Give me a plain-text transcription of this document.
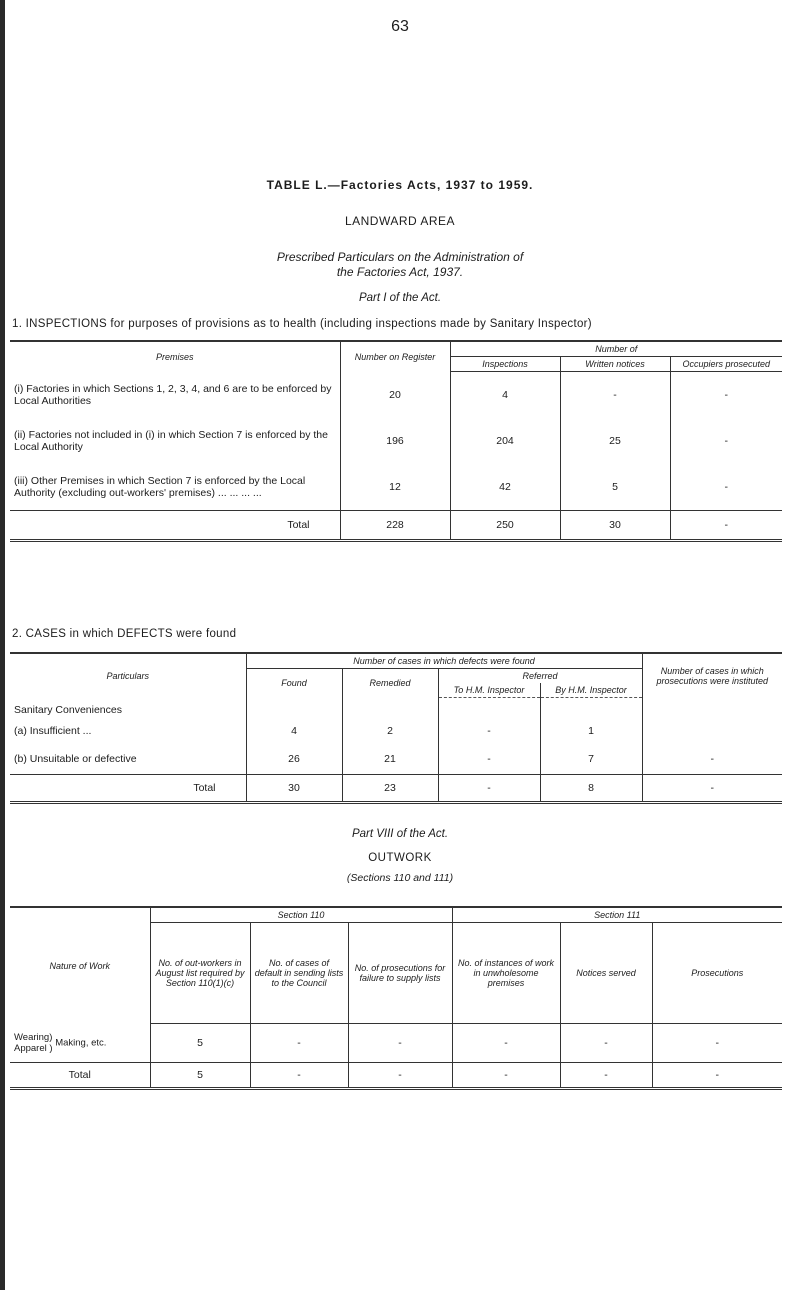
63
TABLE L.—Factories Acts, 1937 to 1959.
LANDWARD AREA
Prescribed Particulars on the Administration of
the Factories Act, 1937.
Part I of the Act.
1. INSPECTIONS for purposes of provisions as to health (including inspections made by Sanitary Inspector)
Premises	Number on Register	Number of		
		Inspections	Written notices	Occupiers prosecuted
(i) Factories in which Sections 1, 2, 3, 4, and 6 are to be enforced by Local Authorities	20	4	-	-
(ii) Factories not included in (i) in which Section 7 is enforced by the Local Authority	196	204	25	-
(iii) Other Premises in which Section 7 is enforced by the Local Authority (excluding out-workers' premises) ... ... ... ...	12	42	5	-
Total	228	250	30	-
2. CASES in which DEFECTS were found
Particulars	Number of cases in which defects were found				Number of cases in which prosecutions were instituted
	Found	Remedied	Referred		
			To H.M. Inspector	By H.M. Inspector	
Sanitary Conveniences					
(a) Insufficient ...	4	2	-	1	
(b) Unsuitable or defective	26	21	-	7	-
Total	30	23	-	8	-
Part VIII of the Act.
OUTWORK
(Sections 110 and 111)
Nature of Work	Section 110			Section 111		
	No. of out-workers in August list required by Section 110(1)(c)	No. of cases of default in sending lists to the Council	No. of prosecutions for failure to supply lists	No. of instances of work in unwholesome premises	Notices served	Prosecutions
Wearing)
Apparel ) Making, etc.	5	-	-	-	-	-
Total	5	-	-	-	-	-
